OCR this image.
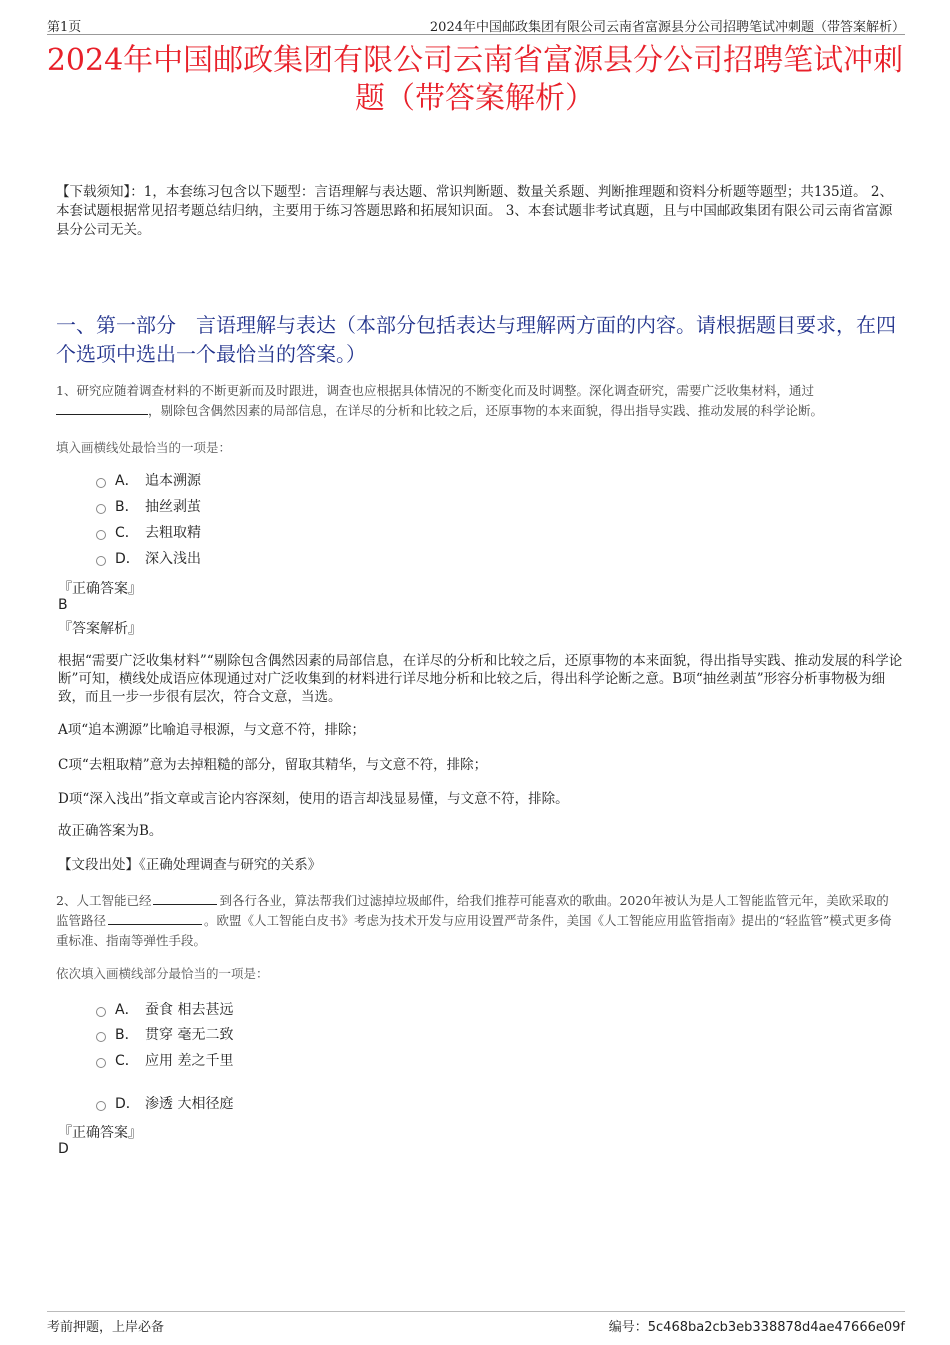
第1页	2024年中国邮政集团有限公司云南省富源县分公司招聘笔试冲刺题（带答案解析）
2024年中国邮政集团有限公司云南省富源县分公司招聘笔试冲刺题（带答案解析）
【下载须知】：1，本套练习包含以下题型：言语理解与表达题、常识判断题、数量关系题、判断推理题和资料分析题等题型；共135道。 2、本套试题根据常见招考题总结归纳，主要用于练习答题思路和拓展知识面。 3、本套试题非考试真题，且与中国邮政集团有限公司云南省富源县分公司无关。
一、第一部分　言语理解与表达（本部分包括表达与理解两方面的内容。请根据题目要求，在四个选项中选出一个最恰当的答案。）
1、研究应随着调查材料的不断更新而及时跟进，调查也应根据具体情况的不断变化而及时调整。深化调查研究，需要广泛收集材料，通过
，剔除包含偶然因素的局部信息，在详尽的分析和比较之后，还原事物的本来面貌，得出指导实践、推动发展的科学论断。
填入画横线处最恰当的一项是：
A． 追本溯源
B． 抽丝剥茧
C． 去粗取精
D． 深入浅出
『正确答案』
B
『答案解析』
根据“需要广泛收集材料”“剔除包含偶然因素的局部信息，在详尽的分析和比较之后，还原事物的本来面貌，得出指导实践、推动发展的科学论断”可知，横线处成语应体现通过对广泛收集到的材料进行详尽地分析和比较之后，得出科学论断之意。B项“抽丝剥茧”形容分析事物极为细致，而且一步一步很有层次，符合文意，当选。
A项“追本溯源”比喻追寻根源，与文意不符，排除；
C项“去粗取精”意为去掉粗糙的部分，留取其精华，与文意不符，排除；
D项“深入浅出”指文章或言论内容深刻，使用的语言却浅显易懂，与文意不符，排除。
故正确答案为B。
【文段出处】《正确处理调查与研究的关系》
2、人工智能已经	到各行各业，算法帮我们过滤掉垃圾邮件，给我们推荐可能喜欢的歌曲。2020年被认为是人工智能监管元年，美欧采取的监管路径	。欧盟《人工智能白皮书》考虑为技术开发与应用设置严苛条件，美国《人工智能应用监管指南》提出的“轻监管”模式更多倚重标准、指南等弹性手段。
依次填入画横线部分最恰当的一项是：
A． 蚕食 相去甚远
B． 贯穿 毫无二致
C． 应用 差之千里
D． 渗透 大相径庭
『正确答案』
D
考前押题，上岸必备	编号：5c468ba2cb3eb338878d4ae47666e09f
